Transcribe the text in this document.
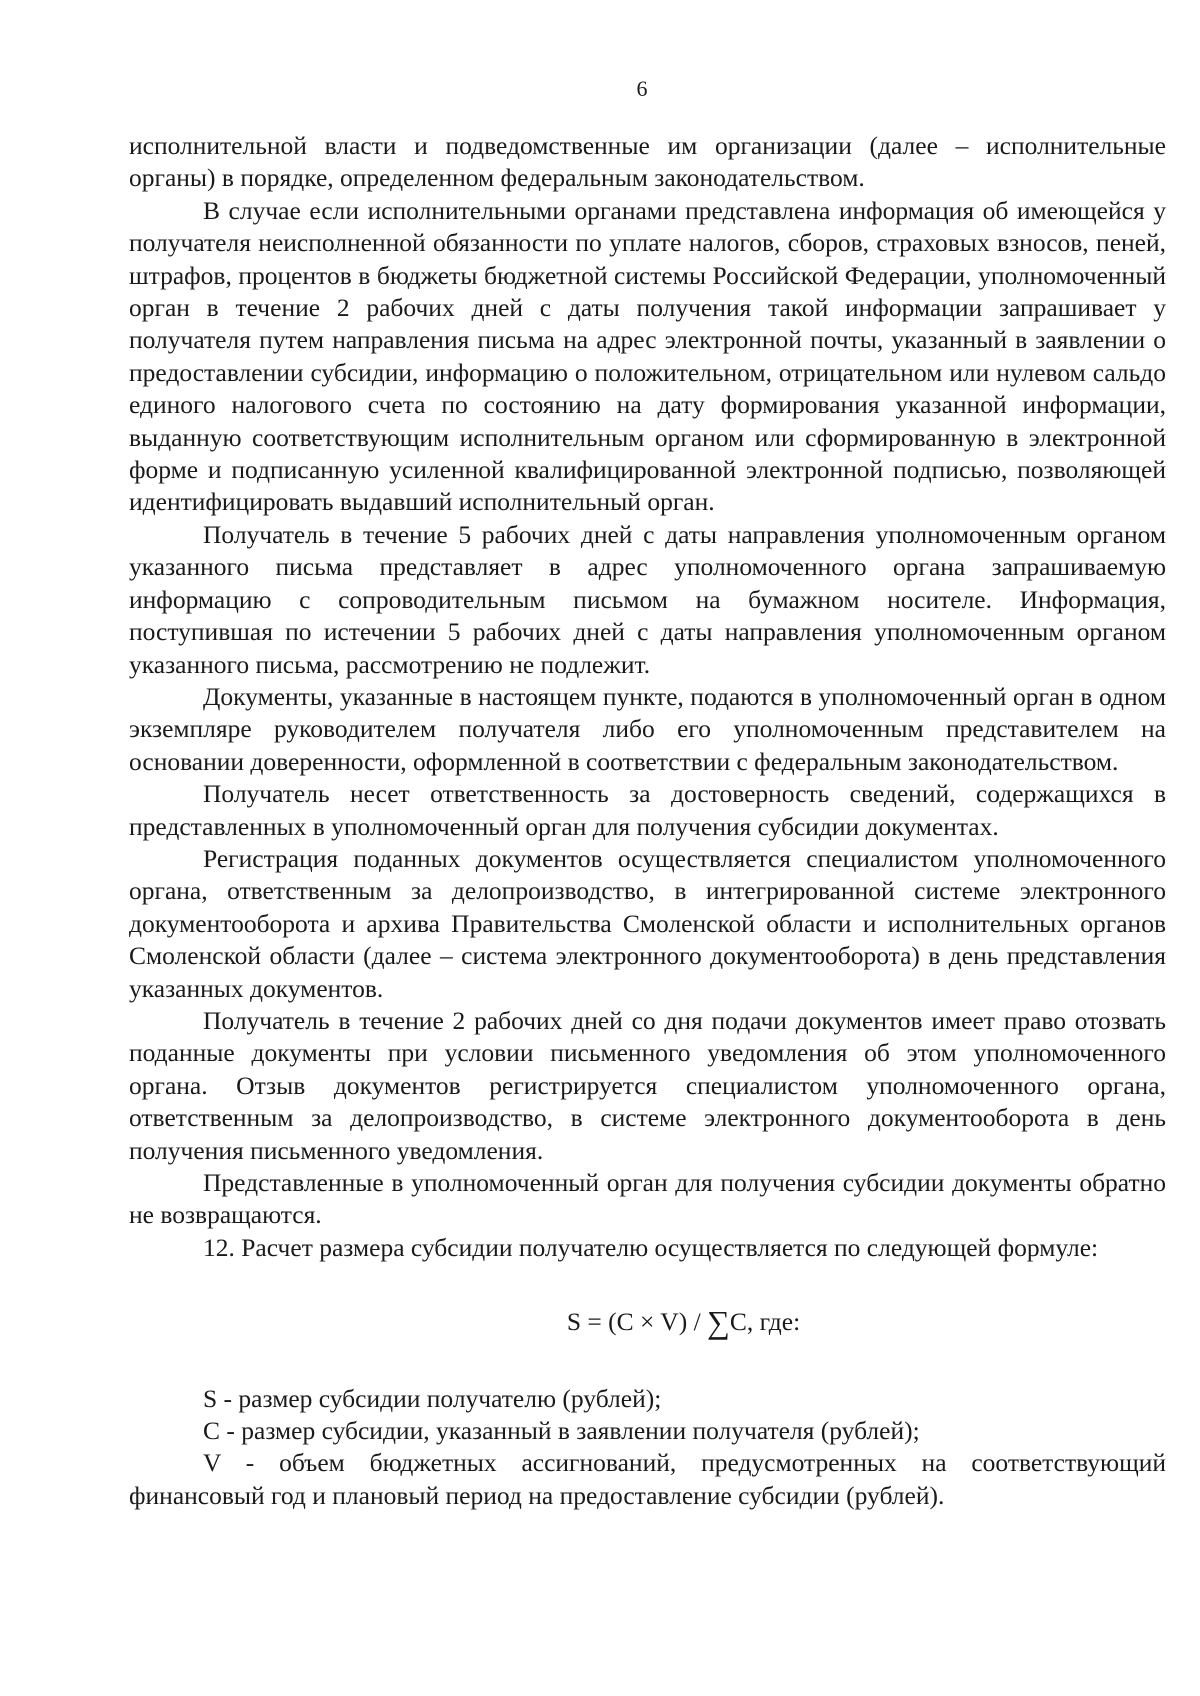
6

исполнительной власти и подведомственные им организации (далее – исполнительные органы) в порядке, определенном федеральным законодательством.

В случае если исполнительными органами представлена информация об имеющейся у получателя неисполненной обязанности по уплате налогов, сборов, страховых взносов, пеней, штрафов, процентов в бюджеты бюджетной системы Российской Федерации, уполномоченный орган в течение 2 рабочих дней с даты получения такой информации запрашивает у получателя путем направления письма на адрес электронной почты, указанный в заявлении о предоставлении субсидии, информацию о положительном, отрицательном или нулевом сальдо единого налогового счета по состоянию на дату формирования указанной информации, выданную соответствующим исполнительным органом или сформированную в электронной форме и подписанную усиленной квалифицированной электронной подписью, позволяющей идентифицировать выдавший исполнительный орган.

Получатель в течение 5 рабочих дней с даты направления уполномоченным органом указанного письма представляет в адрес уполномоченного органа запрашиваемую информацию с сопроводительным письмом на бумажном носителе. Информация, поступившая по истечении 5 рабочих дней с даты направления уполномоченным органом указанного письма, рассмотрению не подлежит.

Документы, указанные в настоящем пункте, подаются в уполномоченный орган в одном экземпляре руководителем получателя либо его уполномоченным представителем на основании доверенности, оформленной в соответствии с федеральным законодательством.

Получатель несет ответственность за достоверность сведений, содержащихся в представленных в уполномоченный орган для получения субсидии документах.

Регистрация поданных документов осуществляется специалистом уполномоченного органа, ответственным за делопроизводство, в интегрированной системе электронного документооборота и архива Правительства Смоленской области и исполнительных органов Смоленской области (далее – система электронного документооборота) в день представления указанных документов.

Получатель в течение 2 рабочих дней со дня подачи документов имеет право отозвать поданные документы при условии письменного уведомления об этом уполномоченного органа. Отзыв документов регистрируется специалистом уполномоченного органа, ответственным за делопроизводство, в системе электронного документооборота в день получения письменного уведомления.

Представленные в уполномоченный орган для получения субсидии документы обратно не возвращаются.

12. Расчет размера субсидии получателю осуществляется по следующей формуле:

S = (C × V) / ∑C, где:

S - размер субсидии получателю (рублей);

C - размер субсидии, указанный в заявлении получателя (рублей);

V - объем бюджетных ассигнований, предусмотренных на соответствующий финансовый год и плановый период на предоставление субсидии (рублей).
